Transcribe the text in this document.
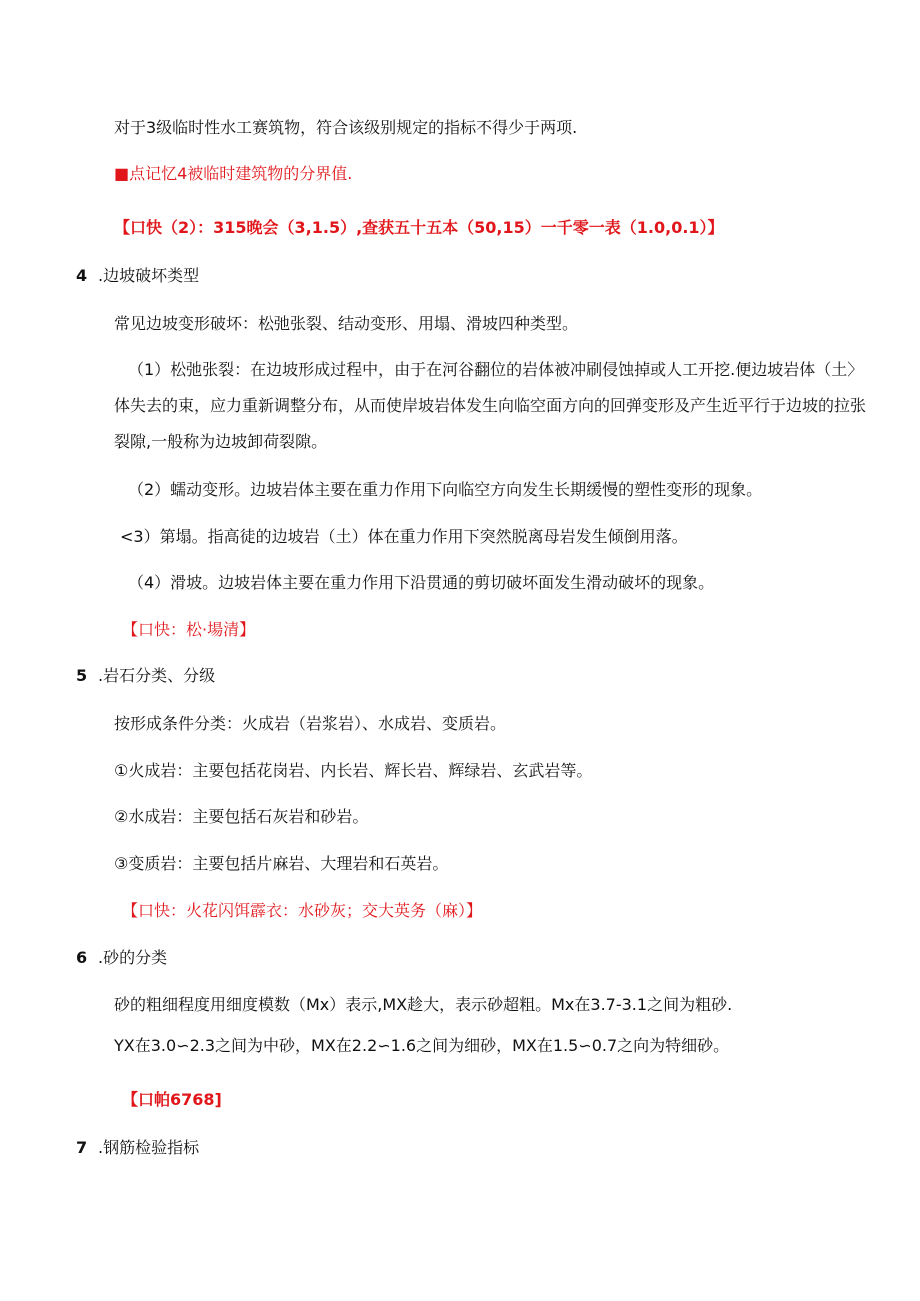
对于3级临时性水工赛筑物，符合该级别规定的指标不得少于两项.
■点记忆4被临时建筑物的分界值.
【口快（2）：315晚会（3,1.5）,查获五十五本（50,15）一千零一表（1.0,0.1）】
4 .边坡破坏类型
常见边坡变形破坏：松弛张裂、结动变形、用塌、滑坡四种类型。
（1）松弛张裂：在边坡形成过程中，由于在河谷翻位的岩体被冲刷侵蚀掉或人工开挖.便边坡岩体（土〉体失去的束，应力重新调整分布，从而使岸坡岩体发生向临空面方向的回弹变形及产生近平行于边坡的拉张裂隙,一般称为边坡卸荷裂隙。
（2）蠕动变形。边坡岩体主要在重力作用下向临空方向发生长期缓慢的塑性变形的现象。
<3）第塌。指高徒的边坡岩（土）体在重力作用下突然脱离母岩发生倾倒用落。
（4）滑坡。边坡岩体主要在重力作用下沿贯通的剪切破坏面发生滑动破坏的现象。
【口快：松·場清】
5 .岩石分类、分级
按形成条件分类：火成岩（岩浆岩）、水成岩、变质岩。
①火成岩：主要包括花岗岩、内长岩、辉长岩、辉绿岩、玄武岩等。
②水成岩：主要包括石灰岩和砂岩。
③变质岩：主要包括片麻岩、大理岩和石英岩。
【口快：火花闪饵霹衣：水砂灰；交大英务（麻）】
6 .砂的分类
砂的粗细程度用细度模数（Mx）表示,MX趁大，表示砂超粗。Mx在3.7-3.1之间为粗砂.
YX在3.0∽2.3之间为中砂，MX在2.2∽1.6之间为细砂，MX在1.5∽0.7之向为特细砂。
【口帕6768]
7 .钢筋检验指标
